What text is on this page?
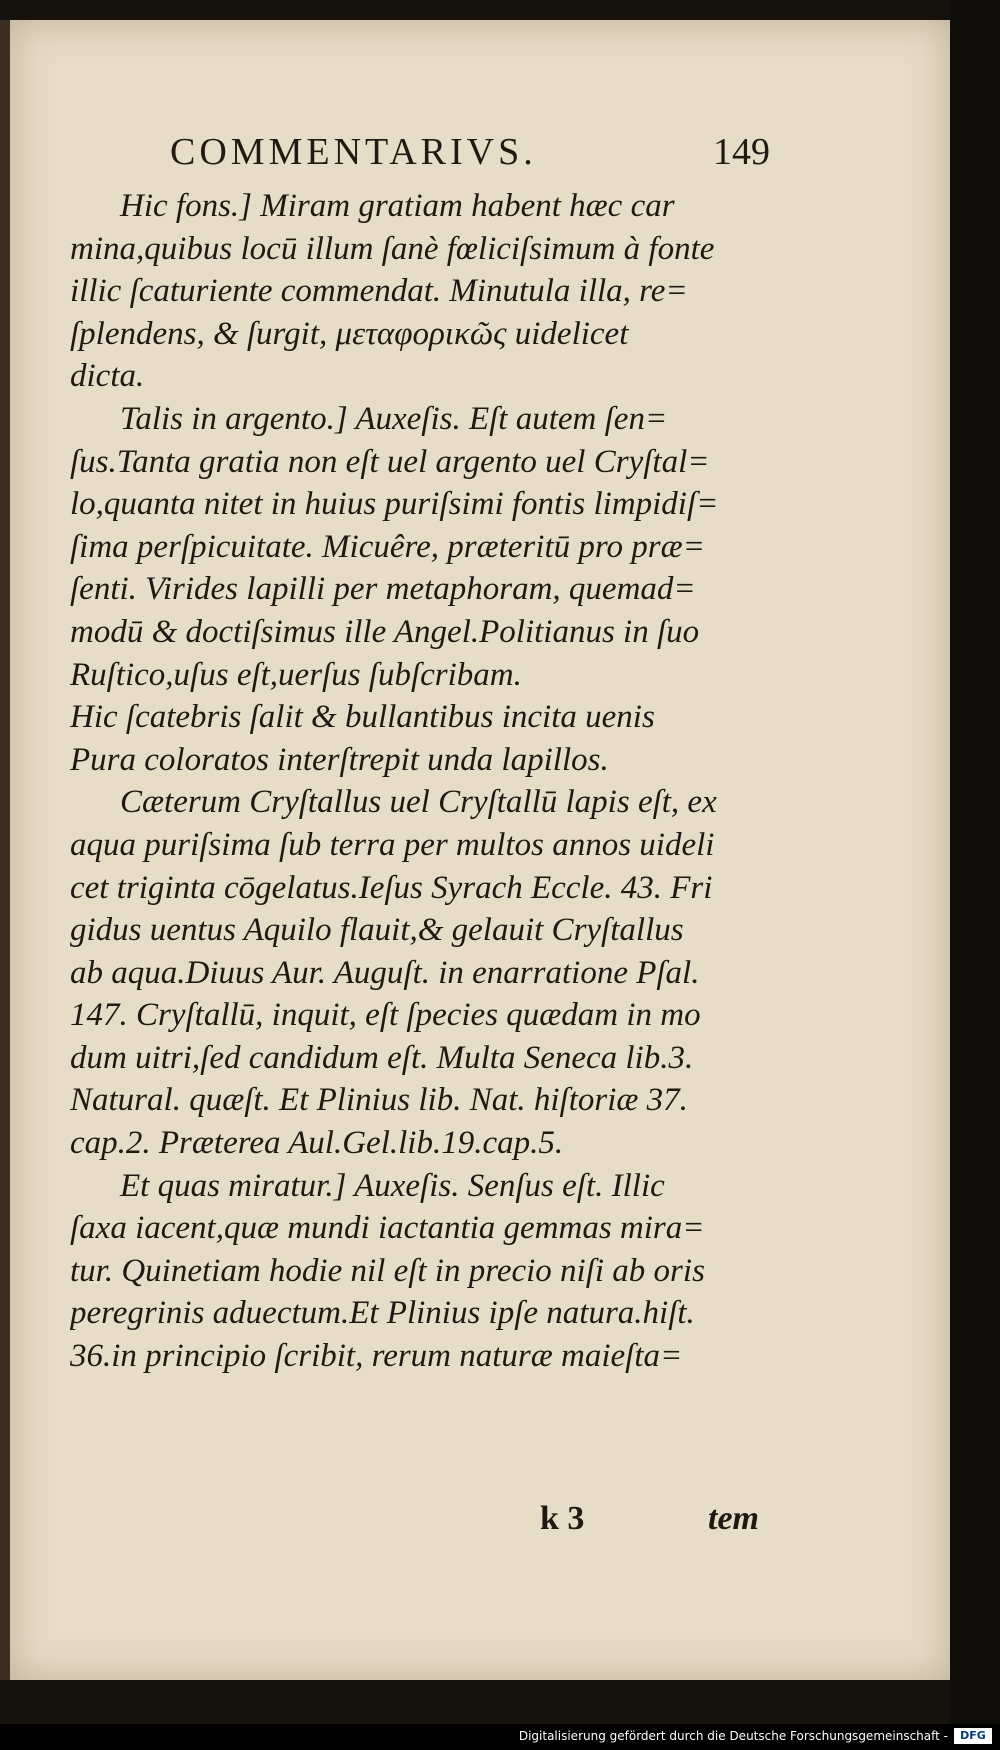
COMMENTARIVS.	149
Hic fons.] Miram gratiam habent hæc car
mina,quibus locū illum ſanè fœliciſsimum à fonte
illic ſcaturiente commendat. Minutula illa, re=
ſplendens, & ſurgit, μεταφορικῶς uidelicet
dicta.
Talis in argento.] Auxeſis. Eſt autem ſen=
ſus.Tanta gratia non eſt uel argento uel Cryſtal=
lo,quanta nitet in huius puriſsimi fontis limpidiſ=
ſima perſpicuitate. Micuêre, præteritū pro præ=
ſenti. Virides lapilli per metaphoram, quemad=
modū & doctiſsimus ille Angel.Politianus in ſuo
Ruſtico,uſus eſt,uerſus ſubſcribam.
Hic ſcatebris ſalit & bullantibus incita uenis
Pura coloratos interſtrepit unda lapillos.
Cæterum Cryſtallus uel Cryſtallū lapis eſt, ex
aqua puriſsima ſub terra per multos annos uideli
cet triginta cōgelatus.Ieſus Syrach Eccle. 43. Fri
gidus uentus Aquilo flauit,& gelauit Cryſtallus
ab aqua.Diuus Aur. Auguſt. in enarratione Pſal.
147. Cryſtallū, inquit, eſt ſpecies quædam in mo
dum uitri,ſed candidum eſt. Multa Seneca lib.3.
Natural. quæſt. Et Plinius lib. Nat. hiſtoriæ 37.
cap.2. Præterea Aul.Gel.lib.19.cap.5.
Et quas miratur.] Auxeſis. Senſus eſt. Illic
ſaxa iacent,quæ mundi iactantia gemmas mira=
tur. Quinetiam hodie nil eſt in precio niſi ab oris
peregrinis aduectum.Et Plinius ipſe natura.hiſt.
36.in principio ſcribit, rerum naturæ maieſta=
k 3	tem
Digitalisierung gefördert durch die Deutsche Forschungsgemeinschaft -	DFG
